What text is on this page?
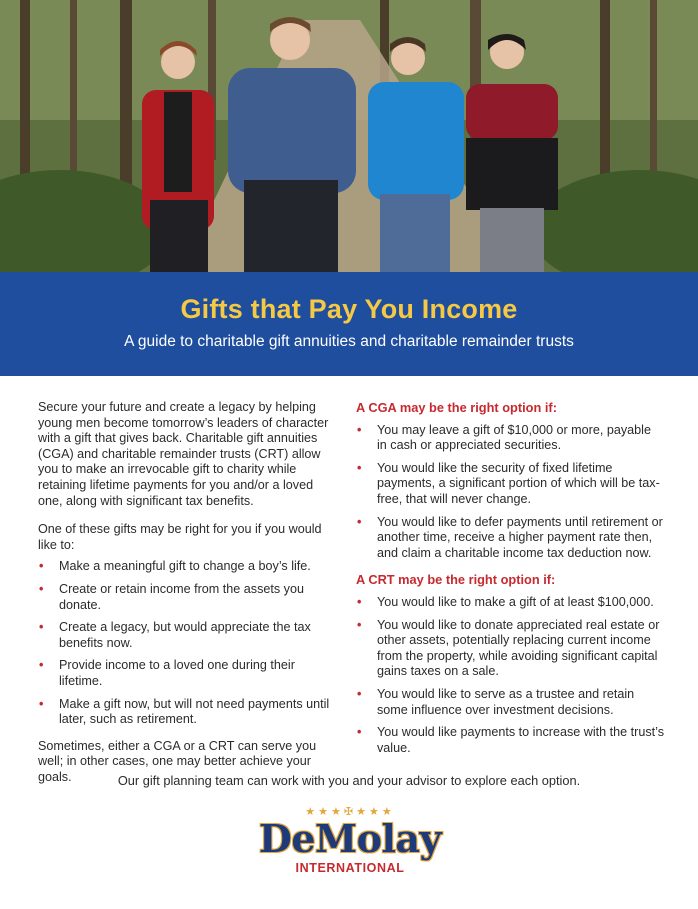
Gifts that Pay You Income
A guide to charitable gift annuities and charitable remainder trusts

Secure your future and create a legacy by helping young men become tomorrow’s leaders of character with a gift that gives back. Charitable gift annuities (CGA) and charitable remainder trusts (CRT) allow you to make an irrevocable gift to charity while retaining lifetime payments for you and/or a loved one, along with significant tax benefits.

One of these gifts may be right for you if you would like to:

• Make a meaningful gift to change a boy’s life.
• Create or retain income from the assets you donate.
• Create a legacy, but would appreciate the tax benefits now.
• Provide income to a loved one during their lifetime.
• Make a gift now, but will not need payments until later, such as retirement.

Sometimes, either a CGA or a CRT can serve you well; in other cases, one may better achieve your goals.

A CGA may be the right option if:
• You may leave a gift of $10,000 or more, payable in cash or appreciated securities.
• You would like the security of fixed lifetime payments, a significant portion of which will be tax-free, that will never change.
• You would like to defer payments until retirement or another time, receive a higher payment rate then, and claim a charitable income tax deduction now.
A CRT may be the right option if:
• You would like to make a gift of at least $100,000.
• You would like to donate appreciated real estate or other assets, potentially replacing current income from the property, while avoiding significant capital gains taxes on a sale.
• You would like to serve as a trustee and retain some influence over investment decisions.
• You would like payments to increase with the trust’s value.
Our gift planning team can work with you and your advisor to explore each option.
★★★✠★★★
DeMolay
INTERNATIONAL
